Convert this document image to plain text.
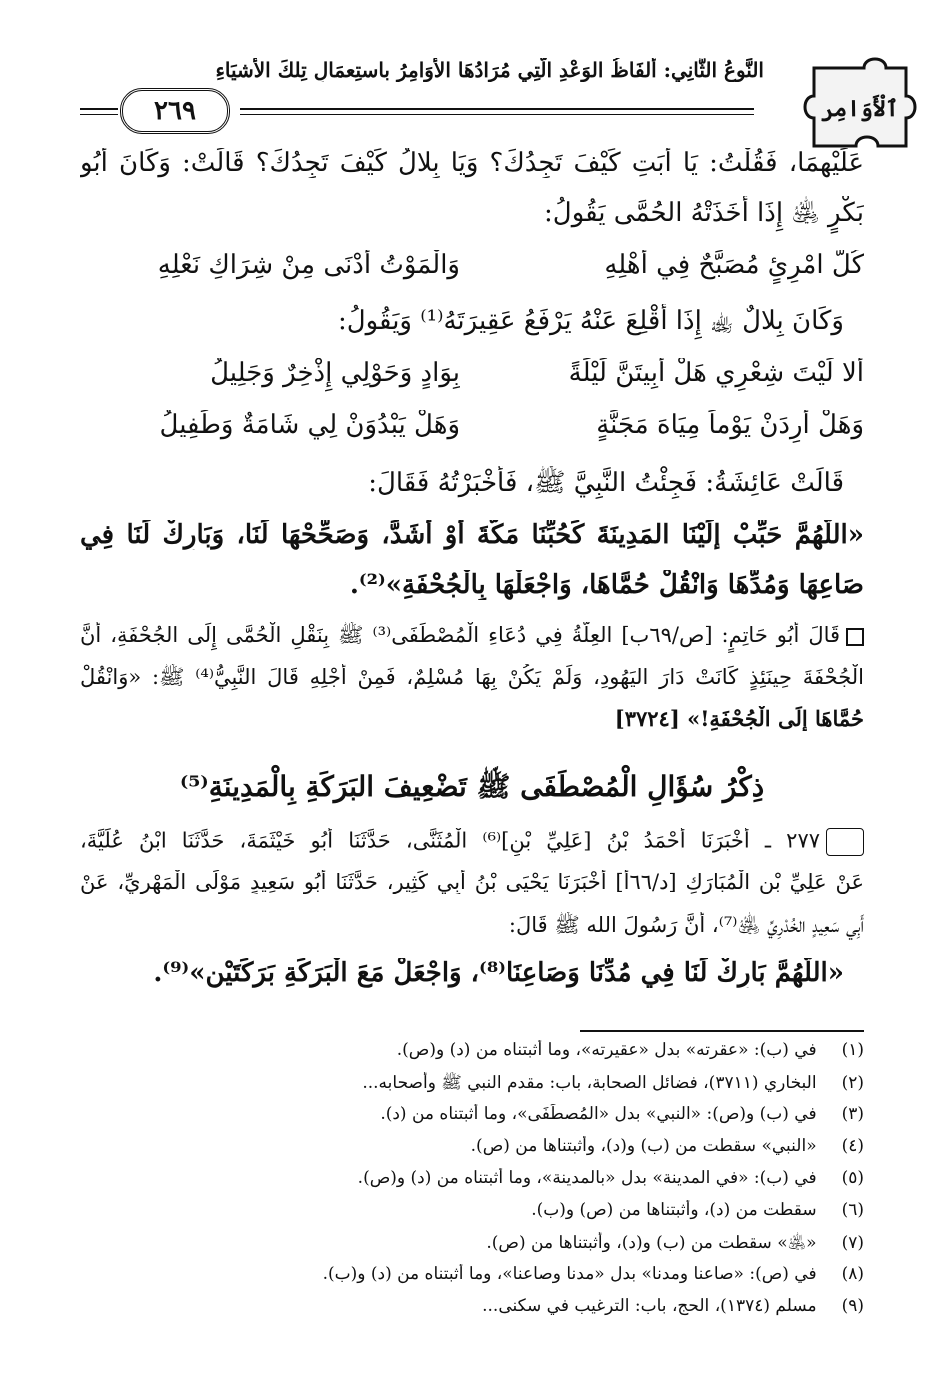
النَّوعُ الثَّانِي: أَلفَاظُ الوَعْدِ الَّتِي مُرَادُهَا الأَوَامِرُ باستِعمَالِ تِلكَ الأَشيَاءِ
٢٦٩	ٱلْأَوَامِر
عَلَيْهِمَا، فَقُلْتُ: يَا أَبَتِ كَيْفَ تَجِدُكَ؟ وَيَا بِلالُ كَيْفَ تَجِدُكَ؟ قَالَتْ: وَكَانَ أَبُو
بَكْرٍ ﵁ إِذَا أَخَذَتْهُ الحُمَّى يَقُولُ:
كُلُّ امْرِئٍ مُصَبَّحٌ فِي أَهْلِهِ
وَالْمَوْتُ أَدْنَى مِنْ شِرَاكِ نَعْلِهِ
وَكَانَ بِلالٌ ﵀ إِذَا أُقْلِعَ عَنْهُ يَرْفَعُ عَقِيرَتَهُ⁽¹⁾ وَيَقُولُ:
أَلا لَيْتَ شِعْرِي هَلْ أَبِيتَنَّ لَيْلَةً
بِوَادٍ وَحَوْلِي إِذْخِرٌ وَجَلِيلُ
وَهَلْ أَرِدَنْ يَوْماً مِيَاهَ مَجَنَّةٍ
وَهَلْ يَبْدُوَنْ لِي شَامَةٌ وَطَفِيلُ
قَالَتْ عَائِشَةُ: فَجِئْتُ النَّبِيَّ ﷺ، فَأَخْبَرْتُهُ فَقَالَ:
«اللَّهُمَّ حَبِّبْ إِلَيْنَا المَدِينَةَ كَحُبِّنَا مَكَّةَ أَوْ أَشَدَّ، وَصَحِّحْهَا لَنَا، وَبَارِكْ لَنَا فِي
صَاعِهَا وَمُدِّهَا وَانْقُلْ حُمَّاهَا، وَاجْعَلْهَا بِالْجُحْفَةِ»⁽²⁾.
قَالَ أَبُو حَاتِمٍ: [ص/٦٩ب] العِلَّةُ فِي دُعَاءِ الْمُصْطَفَى⁽³⁾ ﷺ بِنَقْلِ الْحُمَّى إِلَى الجُحْفَةِ، أَنَّ
الْجُحْفَةَ حِينَئِذٍ كَانَتْ دَارَ اليَهُودِ، وَلَمْ يَكُنْ بِهَا مُسْلِمٌ، فَمِنْ أَجْلِهِ قَالَ النَّبِيُّ⁽⁴⁾ ﷺ: «وَانْقُلْ
حُمَّاهَا إِلَى الْجُحْفَةِ!» [٣٧٢٤]
ذِكْرُ سُؤَالِ الْمُصْطَفَى ﷺ تَضْعِيفَ البَرَكَةِ بِالْمَدِينَةِ⁽⁵⁾
٢٧٧ ـ أَخْبَرَنَا أَحْمَدُ بْنُ [عَلِيِّ بْنِ]⁽⁶⁾ الْمُثَنَّى، حَدَّثَنَا أَبُو خَيْثَمَةَ، حَدَّثَنَا ابْنُ عُلَيَّةَ،
عَنْ عَلِيِّ بْنِ الْمُبَارَكِ [د/٦٦أ] أَخْبَرَنَا يَحْيَى بْنُ أَبِي كَثِيرٍ، حَدَّثَنَا أَبُو سَعِيدٍ مَوْلَى الْمَهْرِيِّ، عَنْ
أَبِي سَعِيدٍ الخُدْرِيِّ ﵁⁽⁷⁾، أَنَّ رَسُولَ الله ﷺ قَالَ:
«اللَّهُمَّ بَارِكْ لَنَا فِي مُدِّنَا وَصَاعِنَا⁽⁸⁾، وَاجْعَلْ مَعَ الْبَرَكَةِ بَرَكَتَيْنِ»⁽⁹⁾.
(١) في (ب): «عقرته» بدل «عقيرته»، وما أثبتناه من (د) و(ص).
(٢) البخاري (٣٧١١)، فضائل الصحابة، باب: مقدم النبي ﷺ وأصحابه...
(٣) في (ب) و(ص): «النبي» بدل «المُصطَفَى»، وما أثبتناه من (د).
(٤) «النبي» سقطت من (ب) و(د)، وأثبتناها من (ص).
(٥) في (ب): «في المدينة» بدل «بالمدينة»، وما أثبتناه من (د) و(ص).
(٦) سقطت من (د)، وأثبتناها من (ص) و(ب).
(٧) «﵁» سقطت من (ب) و(د)، وأثبتناها من (ص).
(٨) في (ص): «صاعنا ومدنا» بدل «مدنا وصاعنا»، وما أثبتناه من (د) و(ب).
(٩) مسلم (١٣٧٤)، الحج، باب: الترغيب في سكنى...
